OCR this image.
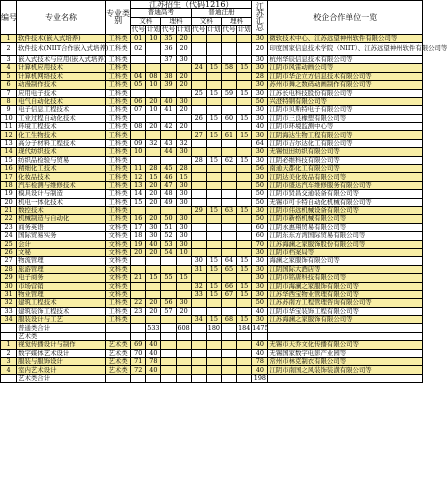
编号	专业名称	专业类别	江苏招生（代码1216）								江苏汇总	校企合作单位一览
			普通高考				普通注册					
			文科		理科		文科		理科			
			代号	计划	代号	计划	代号	计划	代号	计划		
1	软件技术(嵌入式培养)	工科类	01	10	35	20					30	微软技术中心、江苏远望神州软件有限公司等
2	软件技术(NIIT合作嵌入式培养)	工科类	02		36	20					20	印度国家信息技术学院（NIIT）、江苏远望神州软件有限公司等
3	嵌入式技术与应用(嵌入式培养)	工科类			37	30					30	杭州华辰信息技术有限公司等
4	计算机应用技术	工科类					24	15	58	15	30	江阴市风雷动画公司等
5	计算机网络技术	工科类	04	08	38	20					28	江阴市华企立方信息技术有限公司等
6	动漫制作技术	工科类	05	10	39	20					30	苏州市舞之数码动画制作有限公司等
7	应用电子技术	工科类					25	15	59	15	30	江苏长电科技股份有限公司等
8	电气自动化技术	工科类	06	20	40	30					50	兴澄特钢有限公司等
9	电子信息工程技术	工科类	07	10	41	20					30	江阴市贝斯特电子有限公司等
10	工业过程自动化技术	工科类					26	15	60	15	30	江阴市三良橡塑有限公司等
11	环境工程技术	工科类	08	20	42	20					40	江阴市环境监测中心等
12	化工生物技术	工科类					27	15	61	15	30	江阴海达生物工程有限公司等
13	高分子材料工程技术	工科类	09	32	43	32					64	江阴市吉尔达化工有限公司等
14	现代纺织技术	工科类	10		44	30					30	无锡恒田纺织有限公司等
15	纺织品检验与贸易	工科类					28	15	62	15	30	江阴必维科技有限公司等
16	精细化工技术	工科类	11	28	45	28					56	南通天都化工有限公司等
17	化妆品技术	工科类	12	15	46	15					30	江阴达美化妆品有限公司等
18	汽车检测与维修技术	工科类	13	20	47	30					50	江阴市盛达汽车维修服务有限公司等
19	模具设计与制造	工科类	14	20	48	30					50	江阴市贤昌交通装备有限公司等
20	机电一体化技术	工科类	15	20	49	30					50	无锡市可卡特自动化机械有限公司等
21	数控技术	工科类					29	15	63	15	30	江阴市伟远机械设备有限公司等
22	机械制造与自动化	工科类	16	20	50	30					50	江阴市新格机械有限公司等
23	商务英语	文科类	17	30	51	30					60	江阴永惠翔贸易有限公司等
24	国际贸易实务	文科类	18	30	52	30					60	江阴东东方湾国际贸易有限公司等
25	会计	文科类	19	40	53	30					70	江苏海澜之家服饰股份有限公司等
26	文秘	文科类	20	20	54	10					30	江阴市档案局等
27	物流管理	文科类					30	15	64	15	30	海澜之家服饰有限公司等
28	旅游管理	文科类					31	15	65	15	30	江阴国际大酒店等
29	电子商务	文科类	21	15	55	15					30	江阴市铭唐科技有限公司等
30	市场营销	文科类					32	15	66	15	30	江阴市海澜之家服饰有限公司等
31	物业管理	文科类					33	15	67	15	30	江苏华西宝物业管理有限公司等
32	建筑工程技术	工科类	22	20	56	30					50	江苏苏南方工程管理咨询有限公司等
33	建筑装饰工程技术	工科类	23	20	57	20					40	江阴市华宝装饰工程有限公司等
34	服装设计与工艺	工科类					34	15	68	15	30	江苏海澜之家服饰有限公司等
	普通类合计			533		608		180		184	1475	
	艺术类											
1	视觉传播设计与制作	艺术类	69	40							40	无锡市天乔文化传播有限公司等
2	数字媒体艺术设计	艺术类	70	40							40	无锡国家数字电影产业园等
3	服装与服饰设计	艺术类	71	78							78	常州市林克制衣有限公司等
4	室内艺术设计	艺术类	72	40							40	江阴市南国之风装饰装潢有限公司等
	艺术类合计										198	
